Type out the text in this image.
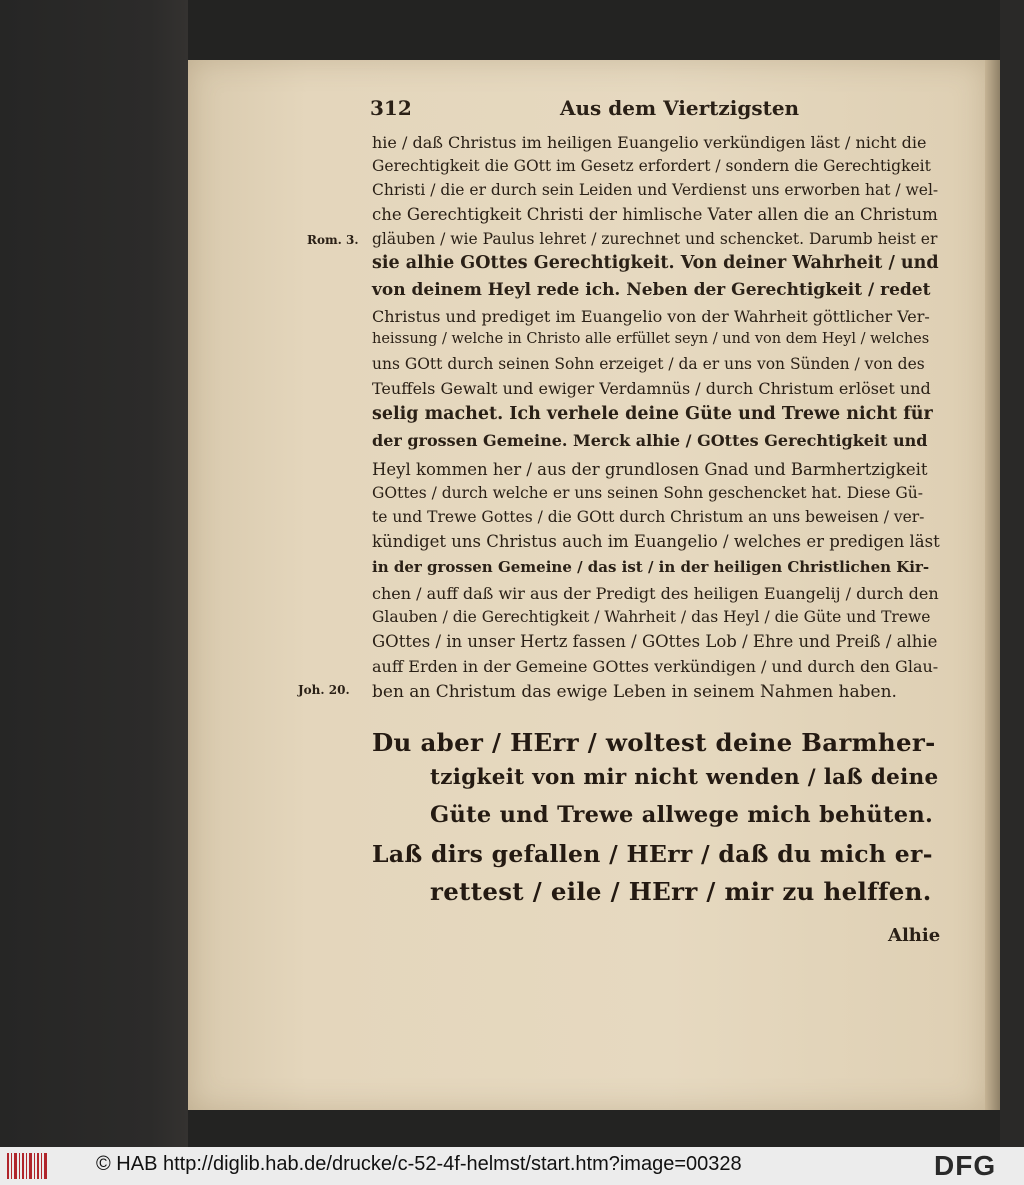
312	Aus dem Viertzigsten
hie / daß Christus im heiligen Euangelio verkündigen läst / nicht die
Gerechtigkeit die GOtt im Gesetz erfordert / sondern die Gerechtigkeit
Christi / die er durch sein Leiden und Verdienst uns erworben hat / wel-
che Gerechtigkeit Christi der himlische Vater allen die an Christum
gläuben / wie Paulus lehret / zurechnet und schencket. Darumb heist er
sie alhie GOttes Gerechtigkeit. Von deiner Wahrheit / und
von deinem Heyl rede ich. Neben der Gerechtigkeit / redet
Christus und prediget im Euangelio von der Wahrheit göttlicher Ver-
heissung / welche in Christo alle erfüllet seyn / und von dem Heyl / welches
uns GOtt durch seinen Sohn erzeiget / da er uns von Sünden / von des
Teuffels Gewalt und ewiger Verdamnüs / durch Christum erlöset und
selig machet. Ich verhele deine Güte und Trewe nicht für
der grossen Gemeine. Merck alhie / GOttes Gerechtigkeit und
Heyl kommen her / aus der grundlosen Gnad und Barmhertzigkeit
GOttes / durch welche er uns seinen Sohn geschencket hat. Diese Gü-
te und Trewe Gottes / die GOtt durch Christum an uns beweisen / ver-
kündiget uns Christus auch im Euangelio / welches er predigen läst
in der grossen Gemeine / das ist / in der heiligen Christlichen Kir-
chen / auff daß wir aus der Predigt des heiligen Euangelij / durch den
Glauben / die Gerechtigkeit / Wahrheit / das Heyl / die Güte und Trewe
GOttes / in unser Hertz fassen / GOttes Lob / Ehre und Preiß / alhie
auff Erden in der Gemeine GOttes verkündigen / und durch den Glau-
ben an Christum das ewige Leben in seinem Nahmen haben.
Rom. 3.
Joh. 20.
Du aber / HErr / woltest deine Barmher-
tzigkeit von mir nicht wenden / laß deine
Güte und Trewe allwege mich behüten.
Laß dirs gefallen / HErr / daß du mich er-
rettest / eile / HErr / mir zu helffen.
Alhie
© HAB http://diglib.hab.de/drucke/c-52-4f-helmst/start.htm?image=00328	DFG
